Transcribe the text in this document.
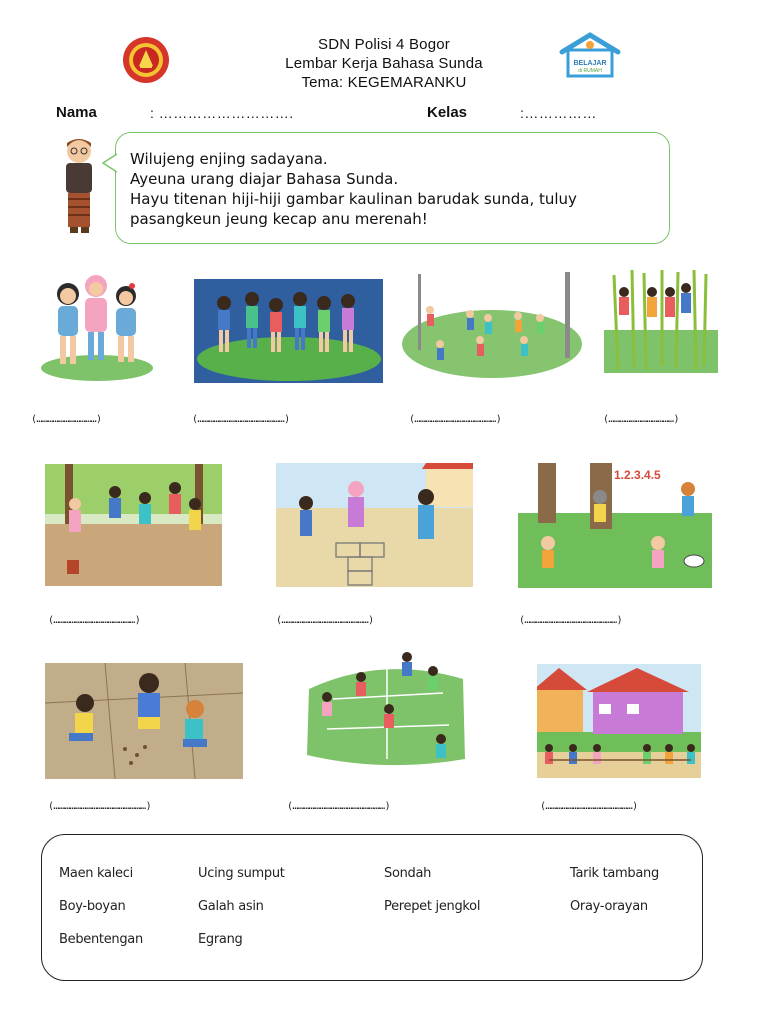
BELAJAR
di RUMAH
SDN Polisi 4 Bogor
Lembar Kerja Bahasa Sunda
Tema: KEGEMARANKU
Nama	: ……………………….	Kelas	:……………
Wilujeng enjing sadayana.
Ayeuna urang diajar Bahasa Sunda.
Hayu titenan hiji-hiji gambar kaulinan barudak sunda, tuluy
pasangkeun jeung kecap anu merenah!
(……………………………)	(…………………………………………)	(………………………………………)	(………………………………)
1.2.3.4.5
(………………………………………)	(…………………………………………)	(……………………………………………)
(……………………………………………)	(……………………………………………)	(…………………………………………)
Maen kaleci	Ucing sumput	Sondah	Tarik tambang
Boy-boyan	Galah asin	Perepet jengkol	Oray-orayan
Bebentengan	Egrang
